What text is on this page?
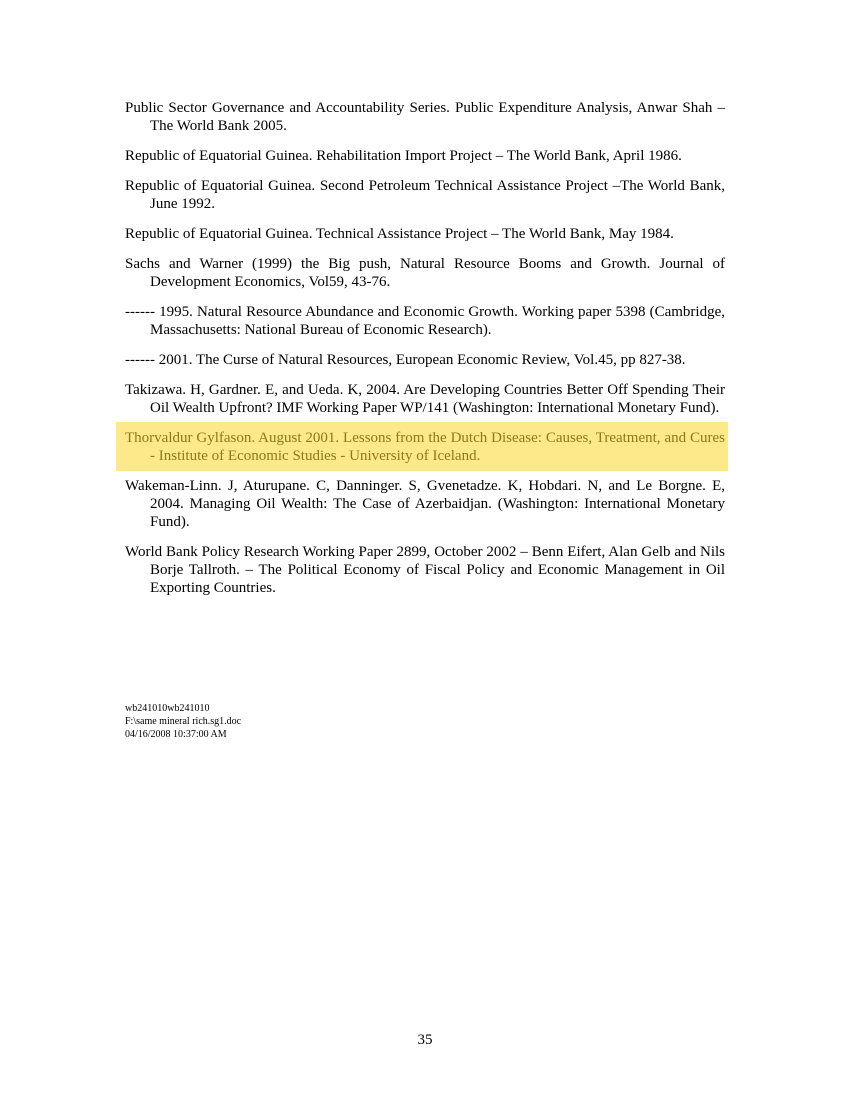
Public Sector Governance and Accountability Series. Public Expenditure Analysis, Anwar Shah – The World Bank 2005.

Republic of Equatorial Guinea. Rehabilitation Import Project – The World Bank, April 1986.

Republic of Equatorial Guinea. Second Petroleum Technical Assistance Project –The World Bank, June 1992.

Republic of Equatorial Guinea. Technical Assistance Project – The World Bank, May 1984.

Sachs and Warner (1999) the Big push, Natural Resource Booms and Growth. Journal of Development Economics, Vol59, 43-76.

------ 1995. Natural Resource Abundance and Economic Growth. Working paper 5398 (Cambridge, Massachusetts: National Bureau of Economic Research).

------ 2001. The Curse of Natural Resources, European Economic Review, Vol.45, pp 827-38.

Takizawa. H, Gardner. E, and Ueda. K, 2004. Are Developing Countries Better Off Spending Their Oil Wealth Upfront? IMF Working Paper WP/141 (Washington: International Monetary Fund).

Thorvaldur Gylfason. August 2001. Lessons from the Dutch Disease: Causes, Treatment, and Cures - Institute of Economic Studies - University of Iceland.

Wakeman-Linn. J, Aturupane. C, Danninger. S, Gvenetadze. K, Hobdari. N, and Le Borgne. E, 2004. Managing Oil Wealth: The Case of Azerbaidjan. (Washington: International Monetary Fund).

World Bank Policy Research Working Paper 2899, October 2002 – Benn Eifert, Alan Gelb and Nils Borje Tallroth. – The Political Economy of Fiscal Policy and Economic Management in Oil Exporting Countries.

wb241010wb241010
F:\same mineral rich.sg1.doc
04/16/2008 10:37:00 AM
35
